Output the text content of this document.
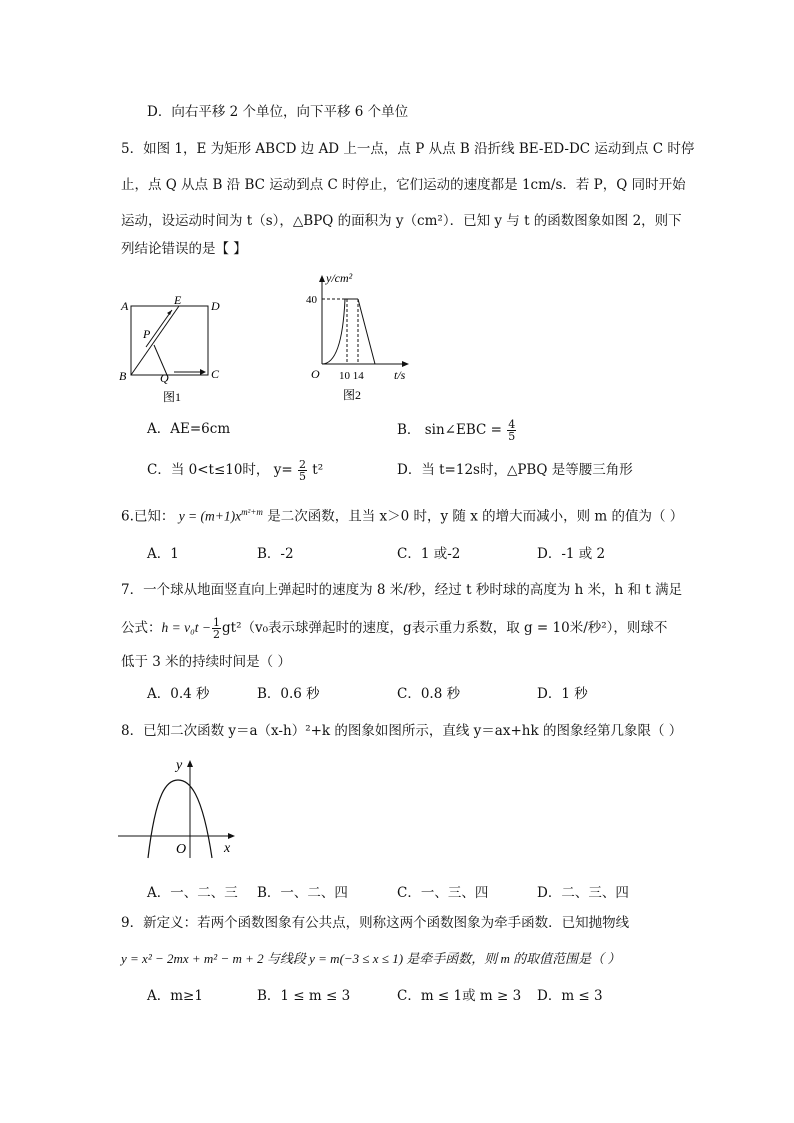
D．向右平移 2 个单位，向下平移 6 个单位
5．如图 1，E 为矩形 ABCD 边 AD 上一点，点 P 从点 B 沿折线 BE-ED-DC 运动到点 C 时停
止，点 Q 从点 B 沿 BC 运动到点 C 时停止，它们运动的速度都是 1cm/s．若 P，Q 同时开始
运动，设运动时间为 t（s），△BPQ 的面积为 y（cm²）．已知 y 与 t 的函数图象如图 2，则下
列结论错误的是【 】
A	E D
P
B	Q	C
图1
y/cm²
40
O 10 14	t/s
图2
A．AE=6cm	B． sin∠EBC = $\frac{4}{5}$
C．当 0<t≤10时， $y= \frac{2}{5} t^2$	D．当 t=12s时，△PBQ 是等腰三角形
6.已知： $y = (m+1)x^{m^2+m}$ 是二次函数，且当 x＞0 时，y 随 x 的增大而减小，则 m 的值为（ ）
A．1	B．-2	C．1 或-2	D．-1 或 2
7．一个球从地面竖直向上弹起时的速度为 8 米/秒，经过 t 秒时球的高度为 h 米，h 和 t 满足
公式：$h = v_0t - \frac{1}{2} gt^2(v_0$表示球弹起时的速度，g表示重力系数，取 g = 10米/秒²），则球不
低于 3 米的持续时间是（ ）
A．0.4 秒	B．0.6 秒	C．0.8 秒	D．1 秒
8．已知二次函数 y＝a（x-h）²+k 的图象如图所示，直线 y＝ax+hk 的图象经第几象限（ ）
y
x
O
A．一、二、三 B．一、二、四	C．一、三、四	D．二、三、四
9．新定义：若两个函数图象有公共点，则称这两个函数图象为牵手函数．已知抛物线
y = x² − 2mx + m² − m + 2 与线段 y = m(−3 ≤ x ≤ 1) 是牵手函数，则 m 的取值范围是（ ）
A．m≥1	B．1 ≤ m ≤ 3	C．m ≤ 1或 m ≥ 3 D．m ≤ 3
